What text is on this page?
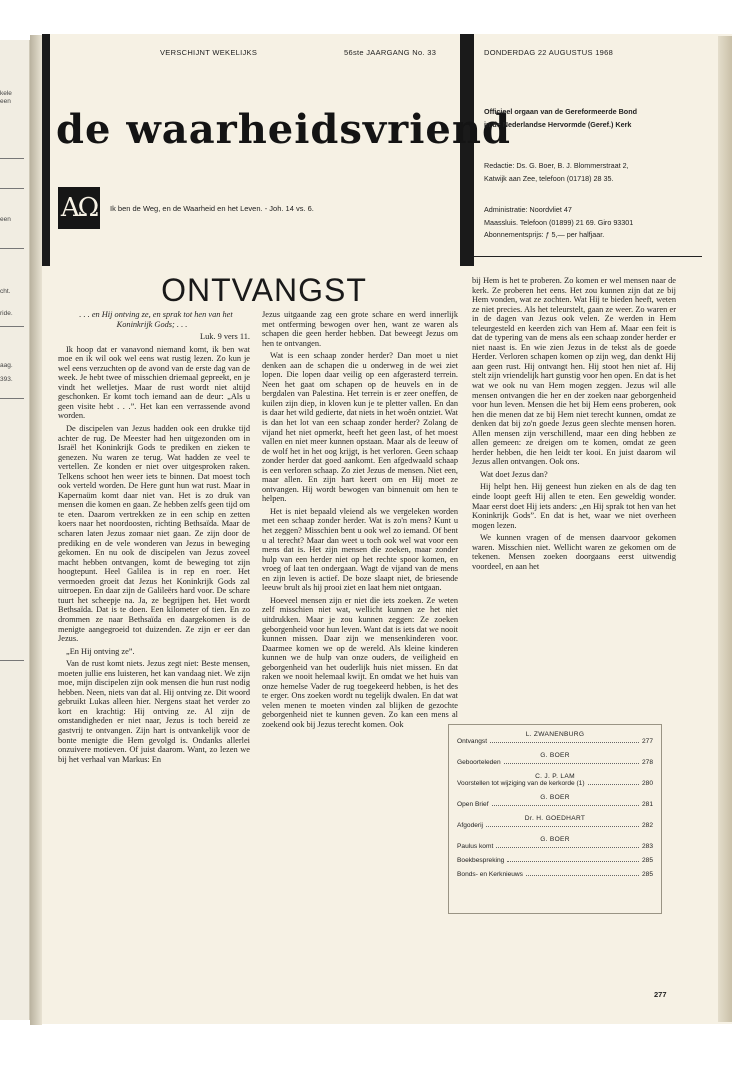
kele
een
een
cht.
ride.
aag.
393.
VERSCHIJNT WEKELIJKS	56ste JAARGANG No. 33	DONDERDAG 22 AUGUSTUS 1968
de waarheidsvriend
AΩ	Ik ben de Weg, en de Waarheid en het Leven. - Joh. 14 vs. 6.
Officieel orgaan van de Gereformeerde Bond
in de Nederlandse Hervormde (Geref.) Kerk
Redactie: Ds. G. Boer, B. J. Blommerstraat 2,
Katwijk aan Zee, telefoon (01718) 28 35.
Administratie: Noordvliet 47
Maassluis. Telefoon (01899) 21 69. Giro 93301
Abonnementsprijs: ƒ 5,— per halfjaar.
ONTVANGST

. . . en Hij ontving ze, en sprak tot hen van het Koninkrijk Gods; . . .

Luk. 9 vers 11.

Ik hoop dat er vanavond niemand komt, ik ben wat moe en ik wil ook wel eens wat rustig lezen. Zo kun je wel eens verzuchten op de avond van de erste dag van de week. Je hebt twee of misschien driemaal gepreekt, en je vindt het welletjes. Maar de rust wordt niet altijd geschonken. Er komt toch iemand aan de deur: „Als u geen visite hebt . . .”. Het kan een verrassende avond worden.

De discipelen van Jezus hadden ook een drukke tijd achter de rug. De Meester had hen uitgezonden om in Israël het Koninkrijk Gods te prediken en zieken te genezen. Nu waren ze terug. Wat hadden ze veel te vertellen. Ze konden er niet over uitgesproken raken. Telkens schoot hen weer iets te binnen. Dat moest toch ook verteld worden. De Here gunt hun wat rust. Maar in Kapernaüm komt daar niet van. Het is zo druk van mensen die komen en gaan. Ze hebben zelfs geen tijd om te eten. Daarom vertrekken ze in een schip en zetten koers naar het noordoosten, richting Bethsaïda. Maar de scharen laten Jezus zomaar niet gaan. Ze zijn door de prediking en de vele wonderen van Jezus in beweging gekomen. En nu ook de discipelen van Jezus zoveel macht hebben ontvangen, komt de beweging tot zijn hoogtepunt. Heel Galilea is in rep en roer. Het vermoeden groeit dat Jezus het Koninkrijk Gods zal uitroepen. En daar zijn de Galileërs hard voor. De schare tuurt het scheepje na. Ja, ze begrijpen het. Het wordt Bethsaïda. Dat is te doen. Een kilometer of tien. En zo drommen ze naar Bethsaïda en daargekomen is de menigte aangegroeid tot duizenden. Ze zijn er eer dan Jezus.

„En Hij ontving ze”.

Van de rust komt niets. Jezus zegt niet: Beste mensen, moeten jullie ens luisteren, het kan vandaag niet. We zijn moe, mijn discipelen zijn ook mensen die hun rust nodig hebben. Neen, niets van dat al. Hij ontving ze. Dit woord gebruikt Lukas alleen hier. Nergens staat het verder zo kort en krachtig: Hij ontving ze. Al zijn de omstandigheden er niet naar, Jezus is toch bereid ze gastvrij te ontvangen. Zijn hart is ontvankelijk voor de bonte menigte die Hem gevolgd is. Ondanks allerlei onzuivere motieven. Of juist daarom. Want, zo lezen we bij het verhaal van Markus: En

Jezus uitgaande zag een grote schare en werd innerlijk met ontferming bewogen over hen, want ze waren als schapen die geen herder hebben. Dat beweegt Jezus om hen te ontvangen.

Wat is een schaap zonder herder? Dan moet u niet denken aan de schapen die u onderweg in de wei ziet lopen. Die lopen daar veilig op een afgerasterd terrein. Neen het gaat om schapen op de heuvels en in de bergdalen van Palestina. Het terrein is er zeer oneffen, de kuilen zijn diep, in kloven kun je te pletter vallen. En dan is daar het wild gedierte, dat niets in het woên ontziet. Wat is dan het lot van een schaap zonder herder? Zolang de vijand het niet opmerkt, heeft het geen last, of het moest vallen en niet meer kunnen opstaan. Maar als de leeuw of de wolf het in het oog krijgt, is het verloren. Geen schaap zonder herder dat goed aankomt. Een afgedwaald schaap is een verloren schaap. Zo ziet Jezus de mensen. Niet een, maar allen. En zijn hart keert om en Hij moet ze ontvangen. Hij wordt bewogen van binnenuit om hen te helpen.

Het is niet bepaald vleiend als we vergeleken worden met een schaap zonder herder. Wat is zo'n mens? Kunt u het zeggen? Misschien bent u ook wel zo iemand. Of bent u al terecht? Maar dan weet u toch ook wel wat voor een mens dat is. Het zijn mensen die zoeken, maar zonder hulp van een herder niet op het rechte spoor komen, en vroeg of laat ten ondergaan. Wagt de vijand van de mens en zijn leven is actief. De boze slaapt niet, de briesende leeuw brult als hij prooi ziet en laat hem niet ontgaan.

Hoeveel mensen zijn er niet die iets zoeken. Ze weten zelf misschien niet wat, wellicht kunnen ze het niet uitdrukken. Maar je zou kunnen zeggen: Ze zoeken geborgenheid voor hun leven. Want dat is iets dat we nooit kunnen missen. Daar zijn we mensenkinderen voor. Daarmee komen we op de wereld. Als kleine kinderen kunnen we de hulp van onze ouders, de veiligheid en geborgenheid van het ouderlijk huis niet missen. En dat raken we nooit helemaal kwijt. En omdat we het huis van onze hemelse Vader de rug toegekeerd hebben, is het des te erger. Ons zoeken wordt nu tegelijk dwalen. En dat wat velen menen te moeten vinden zal blijken de gezochte geborgenheid niet te kunnen geven. Zo kan een mens al zoekend ook bij Jezus terecht komen. Ook

bij Hem is het te proberen. Zo komen er wel mensen naar de kerk. Ze proberen het eens. Het zou kunnen zijn dat ze bij Hem vonden, wat ze zochten. Wat Hij te bieden heeft, weten ze niet precies. Als het teleurstelt, gaan ze weer. Zo waren er in de dagen van Jezus ook velen. Ze werden in Hem teleurgesteld en keerden zich van Hem af. Maar een feit is dat de typering van de mens als een schaap zonder herder er niet naast is. En wie zien Jezus in de tekst als de goede Herder. Verloren schapen komen op zijn weg, dan denkt Hij aan geen rust. Hij ontvangt hen. Hij stoot hen niet af. Hij stelt zijn vriendelijk hart gunstig voor hen open. En dat is het wat we ook nu van Hem mogen zeggen. Jezus wil alle mensen ontvangen die her en der zoeken naar geborgenheid voor hun leven. Mensen die het bij Hem eens proberen, ook hen die menen dat ze bij Hem niet terecht kunnen, omdat ze denken dat bij zo'n goede Jezus geen slechte mensen horen. Allen mensen zijn verschillend, maar een ding hebben ze allen gemeen: ze dreigen om te komen, omdat ze geen herder hebben, die hen leidt ter kooi. En juist daarom wil Jezus allen ontvangen. Ook ons.

Wat doet Jezus dan?

Hij helpt hen. Hij geneest hun zieken en als de dag ten einde loopt geeft Hij allen te eten. Een geweldig wonder. Maar eerst doet Hij iets anders: „en Hij sprak tot hen van het Koninkrijk Gods”. En dat is het, waar we niet overheen mogen lezen.

We kunnen vragen of de mensen daarvoor gekomen waren. Misschien niet. Wellicht waren ze gekomen om de tekenen. Mensen zoeken doorgaans eerst uitwendig voordeel, en aan het

L. ZWANENBURG
Ontvangst	277
G. BOER
Geboorteleden	278
C. J. P. LAM
Voorstellen tot wijziging van de kerkorde (1)	280
G. BOER
Open Brief	281
Dr. H. GOEDHART
Afgoderij	282
G. BOER
Paulus komt	283
Boekbespreking	285
Bonds- en Kerknieuws	285
277
